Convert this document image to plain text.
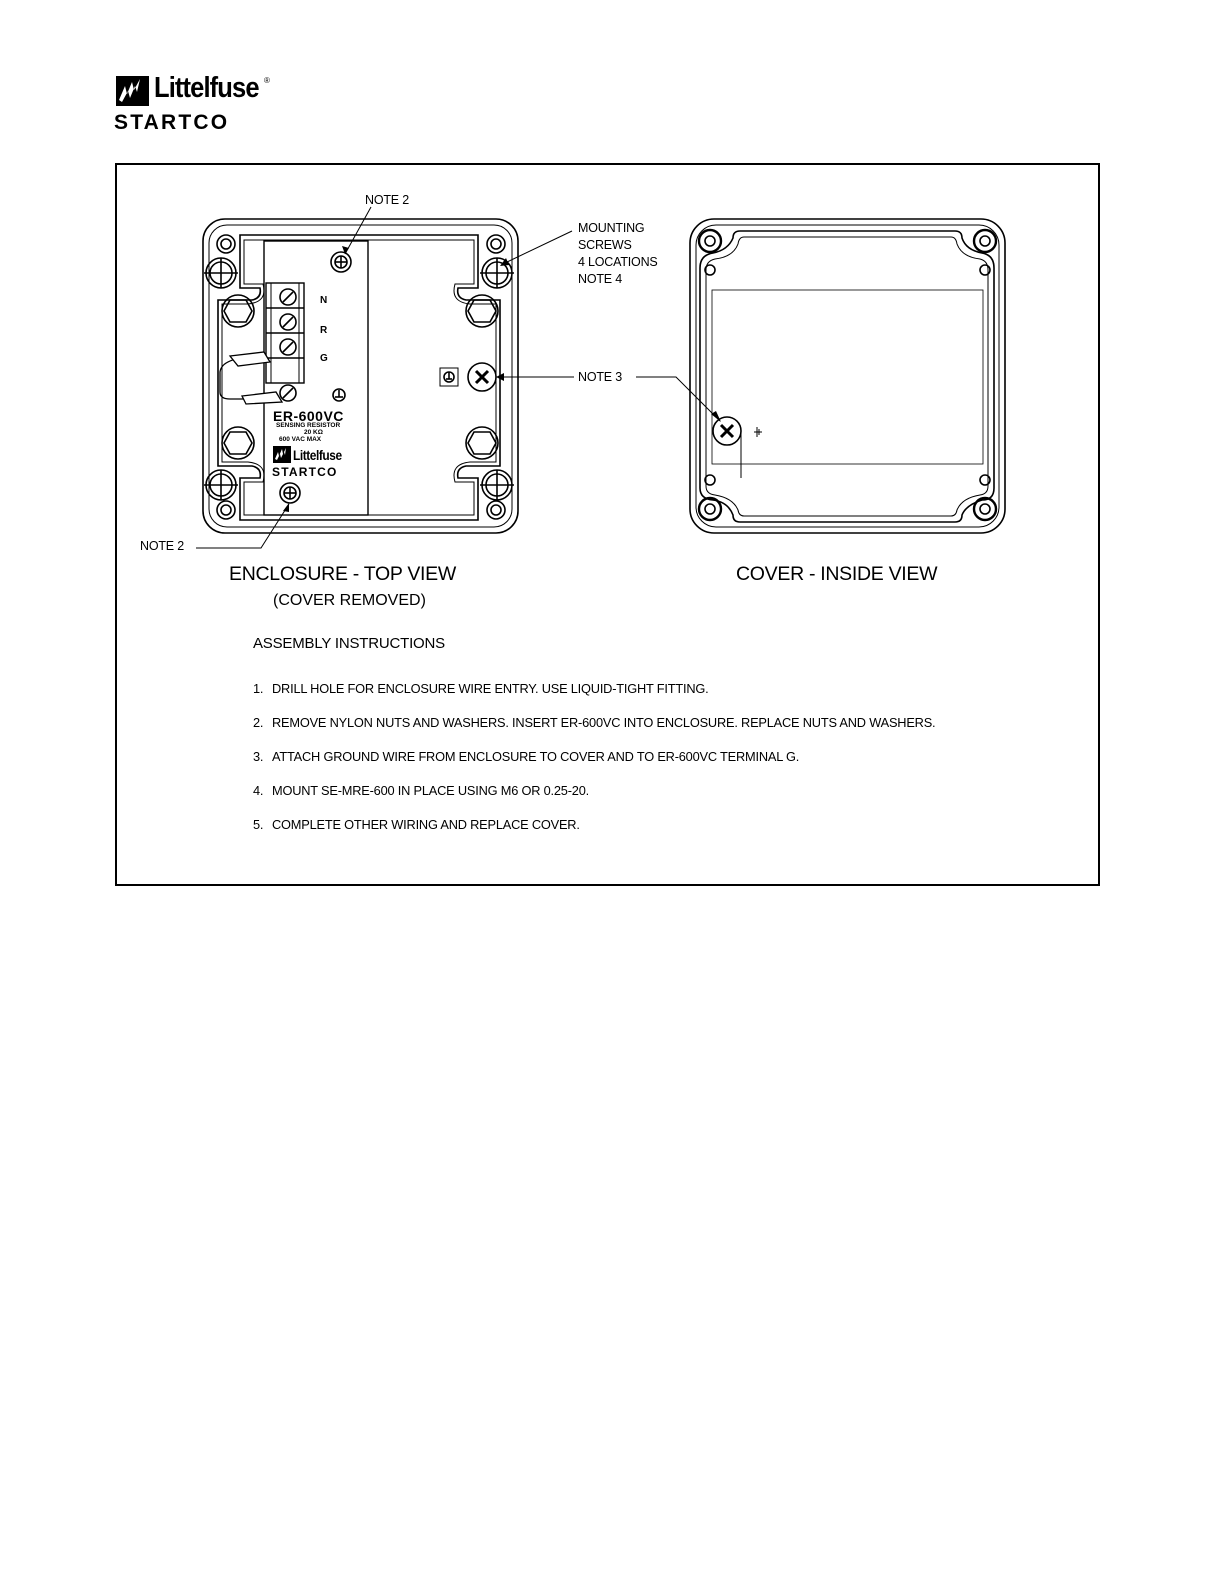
Littelfuse ®
STARTCO
NOTE 2
MOUNTING
SCREWS
4 LOCATIONS
NOTE 4
NOTE 3
NOTE 2
N
R
G
ER-600VC
SENSING RESISTOR
20 KΩ
600 VAC MAX
Littelfuse
STARTCO
ENCLOSURE - TOP VIEW
(COVER REMOVED)
COVER - INSIDE VIEW
ASSEMBLY INSTRUCTIONS
1. DRILL HOLE FOR ENCLOSURE WIRE ENTRY. USE LIQUID-TIGHT FITTING.
2. REMOVE NYLON NUTS AND WASHERS. INSERT ER-600VC INTO ENCLOSURE. REPLACE NUTS AND WASHERS.
3. ATTACH GROUND WIRE FROM ENCLOSURE TO COVER AND TO ER-600VC TERMINAL G.
4. MOUNT SE-MRE-600 IN PLACE USING M6 OR 0.25-20.
5. COMPLETE OTHER WIRING AND REPLACE COVER.
